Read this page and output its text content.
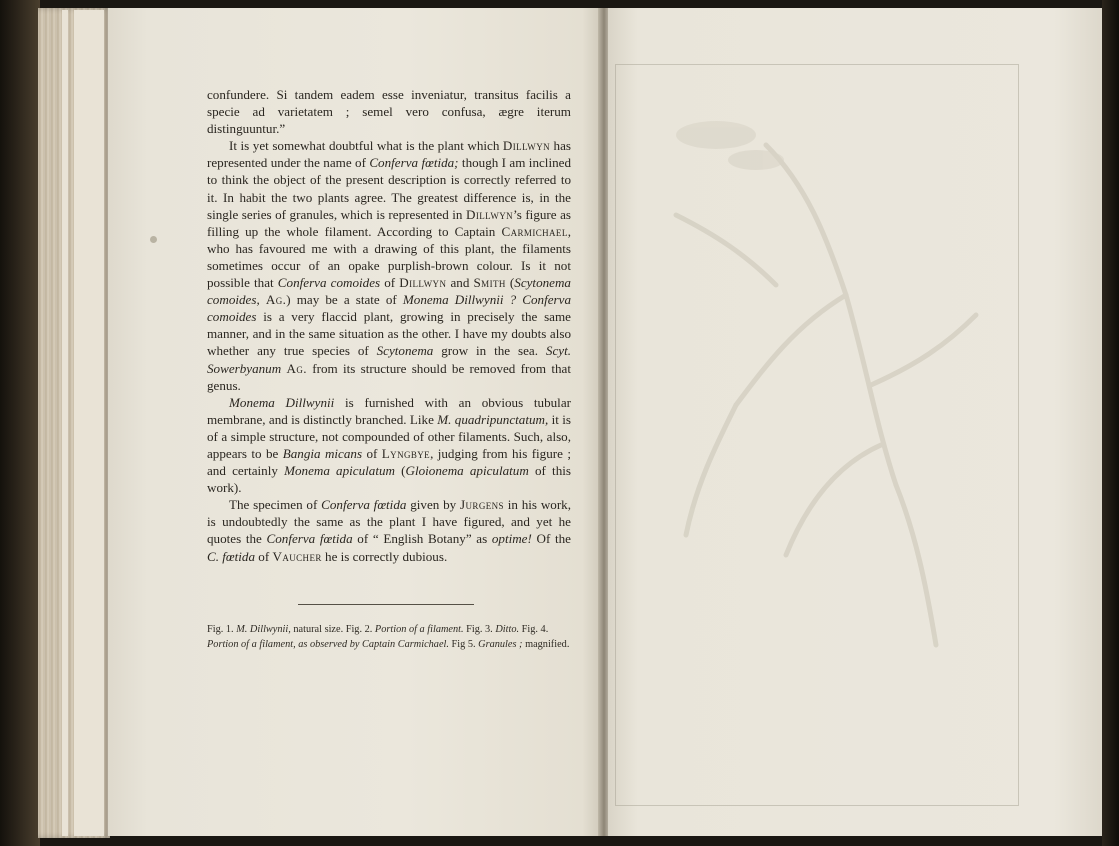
confundere. Si tandem eadem esse inveniatur, transitus facilis a specie ad varietatem ; semel vero confusa, ægre iterum distinguuntur.”

It is yet somewhat doubtful what is the plant which Dillwyn has represented under the name of Conferva fœtida; though I am inclined to think the object of the present description is correctly referred to it. In habit the two plants agree. The greatest difference is, in the single series of granules, which is represented in Dillwyn’s figure as filling up the whole filament. According to Captain Carmichael, who has favoured me with a drawing of this plant, the filaments sometimes occur of an opake purplish-brown colour. Is it not possible that Conferva comoides of Dillwyn and Smith (Scytonema comoides, Ag.) may be a state of Monema Dillwynii ? Conferva comoides is a very flaccid plant, growing in precisely the same manner, and in the same situation as the other. I have my doubts also whether any true species of Scytonema grow in the sea. Scyt. Sowerbyanum Ag. from its structure should be removed from that genus.

Monema Dillwynii is furnished with an obvious tubular membrane, and is distinctly branched. Like M. quadripunctatum, it is of a simple structure, not compounded of other filaments. Such, also, appears to be Bangia micans of Lyngbye, judging from his figure ; and certainly Monema apiculatum (Gloionema apiculatum of this work).

The specimen of Conferva fœtida given by Jurgens in his work, is undoubtedly the same as the plant I have figured, and yet he quotes the Conferva fœtida of “ English Botany” as optime! Of the C. fœtida of Vaucher he is correctly dubious.

Fig. 1. M. Dillwynii, natural size. Fig. 2. Portion of a filament. Fig. 3. Ditto. Fig. 4. Portion of a filament, as observed by Captain Carmichael. Fig 5. Granules ; magnified.
